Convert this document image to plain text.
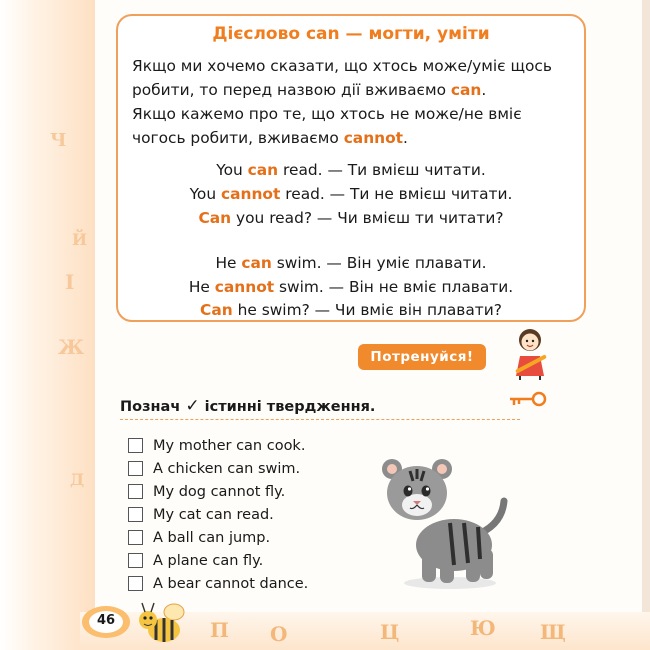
Ч
Й
І
Ж
Д
Дієслово can — могти, уміти

Якщо ми хочемо сказати, що хтось може/уміє щось робити, то перед назвою дії вживаємо can.
Якщо кажемо про те, що хтось не може/не вміє чогось робити, вживаємо cannot.

You can read. — Ти вмієш читати.
You cannot read. — Ти не вмієш читати.
Can you read? — Чи вмієш ти читати?
He can swim. — Він уміє плавати.
He cannot swim. — Він не вміє плавати.
Can he swim? — Чи вміє він плавати?
Потренуйся!
Познач ✓ істинні твердження.
My mother can cook.
A chicken can swim.
My dog cannot fly.
My cat can read.
A ball can jump.
A plane can fly.
A bear cannot dance.
П О	Ц	Ю Щ
46
